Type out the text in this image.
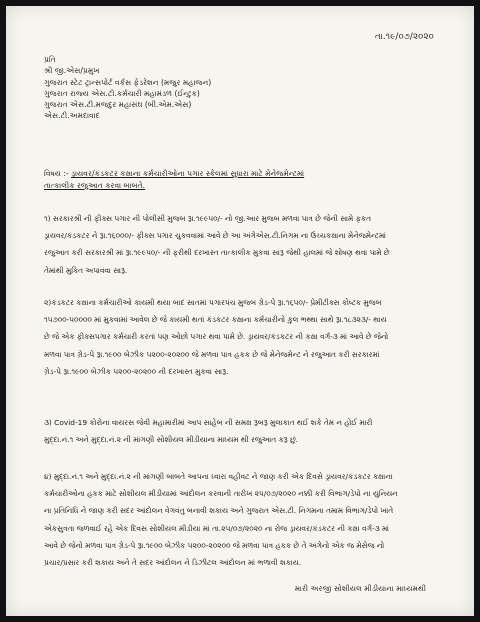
તા.૧૯/૦૭/૨૦૨૦
પ્રતિ
શ્રી જી.એસ/પ્રમુખ
ગુજરાત સ્ટેટ ટ્રાન્સપોર્ટ વર્કસ ફેડરેશન (મજુર મહાજન)
ગુજરાત રાજ્ય એસ.ટી.કર્મચારી મહામંડળ (ઈન્ટુક)
ગુજરાત એસ.ટી.મજદુર મહાસંઘ (બી.એમ.એસ)
એસ.ટી.અમદાવાદ
વિષય :- ડ્રાયવર/કંડકટર કક્ષાના કર્મચારીઓના પગાર સ્કેલમાં સુધારા માટે મેનેજમેન્ટમાં
તાત્કાલીક રજુઆત કરવા બાબતે.
૧) સરકારશ્રી ની ફીક્સ પગાર ની પોલીસી મુજબ રૂા.૧૯૯૫૦/- નો જી.આર મુજબ મળવા પાત્ર છે જેની સામે ફકત
ડ્રાયવર/કંડકટર ને રૂા.૧૬૦૦૦/- ફીક્સ પગાર ચુકવવામાં આવે છે આ અંગેએસ.ટી.નિગમ ના ઉચ્ચકક્ષાના મેનેજમેન્ટમાં
રજુઆત કરી સરકારશ્રી માં રૂા.૧૯૯૫૦/- ની ફરીથી દરખાસ્ત તાત્કાલીક મુકવા સારૂ જેથી હાલમાં જે શોષણ થવા પામે છે
તેમાંથી મુકિત અપાવવા સારૂ.
૨)કંડકટર કક્ષાના કર્મચારીઓ કાયમી થયા બાદ સાતમાં પગારપંચ મુજબ ગ્રેડ-પે રૂા.૧૬૫૦/- પ્રેમીટીક્સ કોષ્ટક મુજબ
૧૫૭૦૦-૫૦૦૦૦ માં મુકવામાં આવેલ છે જે કાયમી થતાં કંડકટર કક્ષાના કર્મચારીનો કુલ ભથ્થા સાથે રૂા.૧૮૩૨૩/- થાય
છે જે એક ફીક્સપગાર કર્મચારી કરતાં પણ ઓછો પગાર થવા પામે છે. ડ્રાયવર/કંડકટર ની કક્ષા વર્ગ-૩ માં આવે છે જેનો
મળવા પાત્ર ગ્રેડ-પે રૂા.૧૯૦૦ બેઝીક ૫૨૦૦-૨૦૨૦૦ જે મળવા પાત્ર હકક છે જે મેનેજમેન્ટ ને રજુઆત કરી સરકારમાં
ગ્રેડ-પે રૂા.૧૯૦૦ બેઝીક ૫૨૦૦-૨૦૨૦૦ ની દરખાસ્ત મુકવા સારૂ.
૩) Covid-19 કોરોના વાયરસ જેવી મહામારીમાં આપ સાહેબ ની સમક્ષ રૂબરૂ મુલાકાત થઈ શકે તેમ ન હોઈ મારી
મુદ્દા.નં.૧ અને મુદ્દા.નં.૨ ની માંગણી સોશીયલ મીડીયાના માધ્યમ થી રજુઆત કરૂ છું.
૪) મુદ્દા.નં.૧ અને મુદ્દા.નં.૨ ની માંગણી બાબતે આપના ધ્વારા વહીવટ ને જાણ કરી એક દિવસે ડ્રાયવર/કંડકટર કક્ષાના
કર્મચારીઓના હકક માટે સોશીયલ મીડીયામાં આંદોલન કરવાની તારીખ ૨૫/૦૭/૨૦૨૦ નક્કી કરી વિભાગ/ડેપો ના યુનિયન
ના પ્રતિનિધિ ને જાણ કરી સદર આંદોલન વેગવંતુ બનાવી શકાય અને ગુજરાત એસ.ટી. નિગમના તમામ વિભાગ/ડેપો ખાતે
એકસુત્રતા જળવાઈ રહે એક દિવસ સોશીયલ મીડીયા માં તા.૨૫/૦૭/૨૦૨૦ ના રોજ ડ્રાયવર/કંડકટર ની કક્ષા વર્ગ-૩ માં
આવે છે જેનો મળવા પાત્ર ગ્રેડ-પે રૂા.૧૯૦૦ બેઝીક ૫૨૦૦-૨૦૨૦૦ જે મળવા પાત્ર હકક છે તે અંગેનો એક જ મેસેજ નો
પ્રચાર/પ્રસાર કરી શકાય અને તે સદર આંદોલન ને ડિઝીટલ આંદોલન માં ભળાવી શકાય.
મારી અરજી સોશીયલ મીડીયાના માધ્યમથી
